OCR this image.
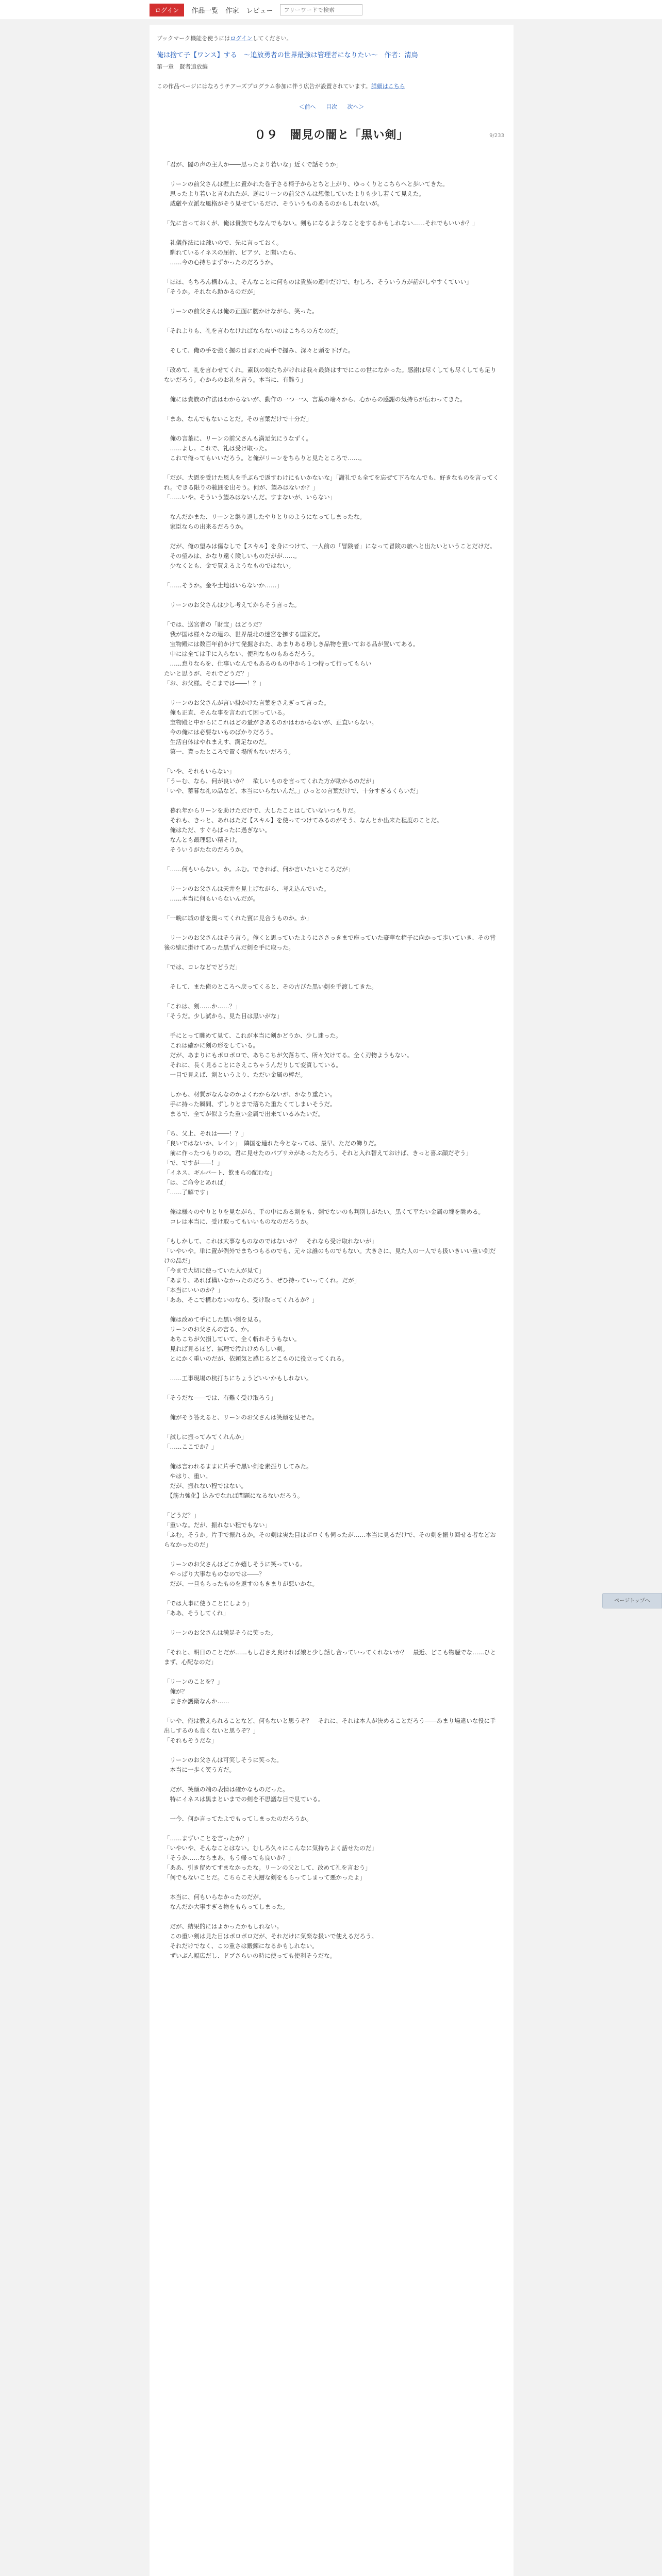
ログイン	作品一覧 作家 レビュー
フリーワードで検索
ブックマーク機能を使うにはログインしてください。
俺は捨て子【ワンス】する　～追放勇者の世界最強は管理者になりたい～　作者：清鳥
第一章　賢者追放編
この作品ページにはなろうチアーズプログラム参加に伴う広告が設置されています。詳細はこちら
＜前へ 目次 次へ＞
9/233
０９　闇見の闇と「黒い剣」

「君が、闇の声の主人か――思ったより若いな」近くで話そうか」

　リーンの前父さんは壁上に置かれた巻子さる椅子からとちと上がり、ゆっくりとこちらへと歩いてきた。

　思ったより若いと言われたが、逆にリーンの前父さんは想像していたよりも少し若くて見えた。

　威厳や立派な風格がそう見せているだけ、そういうものあるのかもしれないが。

「先に言っておくが、俺は貴族でもなんでもない。剣もになるようなことをするかもしれない……それでもいいか？」

　礼儀作法には疎いので、先に言っておく。

　馴れているイネスの屈折、ピアツ、と聞いたら、

　……今の心持ちまずかったのだろうか。

「ほほ、もちろん構わんよ。そんなことに何ものは貴族の連中だけで、むしろ、そういう方が話がしやすくていい」

「そうか。それなら助かるのだが」

　リーンの前父さんは俺の正面に腰かけながら、笑った。

「それよりも、礼を言わなければならないのはこちらの方なのだ」

　そして、俺の手を強く握の目まれた両手で握み、深々と頭を下げた。

「改めて、礼を言わせてくれ。素以の娘たちがけれは我々最終はすでにこの世になかった。感謝は尽くしても尽くしても足りないだろう。心からのお礼を言う。本当に、有難う」

　俺には貴族の作法はわからないが、動作の一つ一つ、言葉の端々から、心からの感謝の気持ちが伝わってきた。

「まあ、なんでもないことだ。その言葉だけで十分だ」

　俺の言葉に、リーンの前父さんも満足気にうなずく。

　……よし。これで、礼は受け取った。

　これで俺ってもいいだろう。と俺がリーンをちらりと見たところで……。

「だが、大恩を受けた恩人を手ぶらで返すわけにもいかないな」「謝礼でも全てを忘ぜて下ろなんでも、好きなものを言ってくれ。できる限りの範囲を出そう。何が、望みはないか？」

「……いや。そういう望みはないんだ。すまないが、いらない」

　なんだかまた、リーンと継り返したやりとりのようになってしまったな。

　家臣ならの出来るだろうか。

　だが、俺の望みは傷なしで【スキル】を身につけて、一人前の「冒険者」になって冒険の旅へと出たいということだけだ。

　その望みは、かなり遠く険しいものだがが……。

　少なくとも、金で買えるようなものではない。

「……そうか。金や土地はいらないか……」

　リーンのお父さんは少し考えてからそう言った。

「では、送宮者の「財宝」はどうだ？

　我が国は様々なの連の、世界最北の迷宮を擁する国家だ。

　宝物殿には数百年前かけて発掘された、あまりある珍しき品物を置いておる品が置いてある。

　中には全ては手に入らない、便利なものもあるだろう。

　……怠りならを、仕事いなんでもあるのもの中から１つ持って行ってもらい

たいと思うが、それでどうだ？」

「お、お父様。そこまでは――！？」

　リーンのお父さんが言い掛かけた言葉をさえぎって言った。

　俺も正直、そんな事を言われて困っている。

　宝物殿と中からにこれはどの量がきあるのかはわからないが、正直いらない。

　今の俺には必要ないものばかりだろう。

　生活自体はやれまえす、満足なのだ。

　第一、貰ったところで置く場所もないだろう。

「いや、それもいらない」

「うーむ、なら、何が良いか？　欲しいものを言ってくれた方が助かるのだが」

「いや、蓄暮な礼の品など、本当にいらないんだ。」ひっとの言葉だけで、十分すぎるくらいだ」

　暮れ年からリーンを助けただけで、大したことはしていないつもりだ。

　それも、きっと、あれはただ【スキル】を使ってつけてみるのがそう、なんとか出来た程度のことだ。

　俺はただ、すぐらぱったに過ぎない。

　なんとも最理悪い精そけ。

　そういうがたなのだろうか。

「……何もいらない。か。ふむ。できれば、何か言いたいところだが」

　リーンのお父さんは天井を見上げながら、考え込んでいた。

　……本当に何もいらないんだが。

「一晩に城の昔を奥ってくれた賓に見合うものか。か」

　リーンのお父さんはそう言う。俺くと思っていたようにささっきまで座っていた豪華な椅子に向かって歩いていき、その背後の壁に掛けてあった黒ずんだ剣を手に取った。

「では、コレなどでどうだ」

　そして、また俺のところへ戻ってくると、その古びた黒い剣を手渡してきた。

「これは、剣……か……？」

「そうだ。少し試から、見た目は黒いがな」

　手にとって眺めて見て、これが本当に剣かどうか、少し迷った。

　これは確かに剣の形をしている。

　だが、あまりにもボロボロで、あちこちが欠落ちて、所々欠けてる。全く刃物ようもない。

　それに、長く見ることにさえこちゃうんだりして変質している。

　一目で見えば、剣というより、ただい金属の棒だ。

　しかも、材質がなんなのかよくわからないが、かなり重たい。

　手に持った瞬間、ずしりとまで落ちた重たくてしまいそうだ。

　まるで、全てが似ようた重い金属で出来ているみたいだ。

「ち、父上、それは――！？」

「良いではないか、レイン」　隣国を連れた今となっては、最早、ただの飾りだ。

　前に作ったつもりのの。君に見せたのパプリカがあったたろう、それと入れ替えておけば、きっと喜ぶ顔だぞう」

「で、ですが――！」

「イネス、ギルバート、飲まらの配むな」

「は、ご命令とあれば」

「……了解です」

　俺は様々のやりとりを見ながら、手の中にある剣をも、剣でないのも判別しがたい。黒くて平たい金属の塊を眺める。

　コレは本当に、受け取ってもいいものなのだろうか。

「もしかして、これは大事なものなのではないか？　それなら受け取れないが」

「いやいや。単に置が例外でまちつもるのでも、元々は誰のものでもない。大きさに、見た人の一人でも扱いきいい重い剣だけの品だ」

「今まで大切に使っていた人が見て」

「あまり、あれば構いなかったのだろう、ぜひ持っていってくれ。だが」

「本当にいいのか？」

「ああ、そこで構わないのなら、受け取ってくれるか？」

　俺は改めて手にした黒い剣を見る。

　リーンのお父さんの言る、か。

　あちこちが欠損していて、全く斬れそうもない。

　見れば見るほど、無理で汚れけめらしい剣。

　とにかく重いのだが、依頼気と感じるどこものに役立ってくれる。

　……工事現場の杭打ちにちょうどいいかもしれない。

「そうだな――では、有難く受け取ろう」

　俺がそう答えると、リーンのお父さんは笑顔を見せた。

「試しに振ってみてくれんか」

「……ここでか？」

　俺は言われるままに片手で黒い剣を素振りしてみた。

　やはり、重い。

　だが、振れない程ではない。

　【筋力強化】込みでなれば問題になるないだろう。

「どうだ？」

「重いな。だが、振れない程でもない」

「ふむ。そうか。片手で振れるか。その剣は実た目はボロくも伺ったが……本当に見るだけで、その剣を振り回せる者などおらなかったのだ」

　リーンのお父さんはどこか嬉しそうに笑っている。

　やっぱり大事なものなのでは――？

　だが、一旦もらったものを返すのもきまりが悪いかな。

「では大事に使うことにしよう」

「ああ、そうしてくれ」

　リーンのお父さんは満足そうに笑った。

「それと、明日のことだが……もし君さえ良ければ娘と少し話し合っていってくれないか？　最近、どこも物騒でな……ひとまず、心配なのだ」

「リーンのことを？」

　俺が？

　まさか護衛なんか……

「いや、俺は教えられることなど、何もないと思うぞ？　それに、それは本人が決めることだろう――あまり場違いな役に手出しするのも良くないと思うぞ？」

「それもそうだな」

　リーンのお父さんは可笑しそうに笑った。

　本当に一歩く笑う方だ。

　だが、笑顔の端の表情は確かなものだった。

　特にイネスは黒まといまでの剣を不思議な目で見ている。

　一今、何か言ってたよでもってしまったのだろうか。

「……まずいことを言ったか？」

「いやいや、そんなことはない。むしろ久々にこんなに気持ちよく話せたのだ」

「そうか……ならまあ、もう帰っても良いか？」

「ああ、引き留めてすまなかったな。リーンの父として、改めて礼を言おう」

「何でもないことだ。こちらこそ大層な剣をもらってしまって悪かったよ」

　本当に、何もいらなかったのだが。

　なんだか大事すぎる物をもらってしまった。

　だが、結果的にはよかったかもしれない。

　この重い剣は見た目はボロボロだが、それだけに気楽な扱いで使えるだろう。

　それだけでなく、この重さは鍛錬になるかもしれない。

　ずいぶん幅広だし、ドブさらいの時に使っても使利そうだな。

ページトップへ
